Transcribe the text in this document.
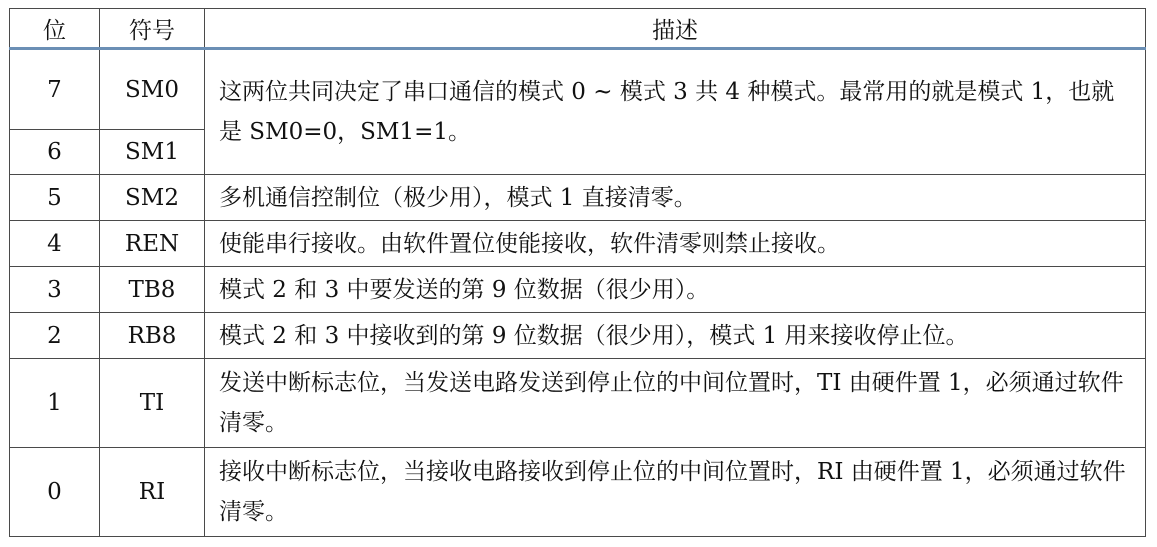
位	符号	描述
7	SM0	这两位共同决定了串口通信的模式 0 ~ 模式 3 共 4 种模式。最常用的就是模式 1，也就是 SM0=0，SM1=1。
6	SM1	
5	SM2	多机通信控制位（极少用），模式 1 直接清零。
4	REN	使能串行接收。由软件置位使能接收，软件清零则禁止接收。
3	TB8	模式 2 和 3 中要发送的第 9 位数据（很少用）。
2	RB8	模式 2 和 3 中接收到的第 9 位数据（很少用），模式 1 用来接收停止位。
1	TI	发送中断标志位，当发送电路发送到停止位的中间位置时，TI 由硬件置 1，必须通过软件清零。
0	RI	接收中断标志位，当接收电路接收到停止位的中间位置时，RI 由硬件置 1，必须通过软件清零。
